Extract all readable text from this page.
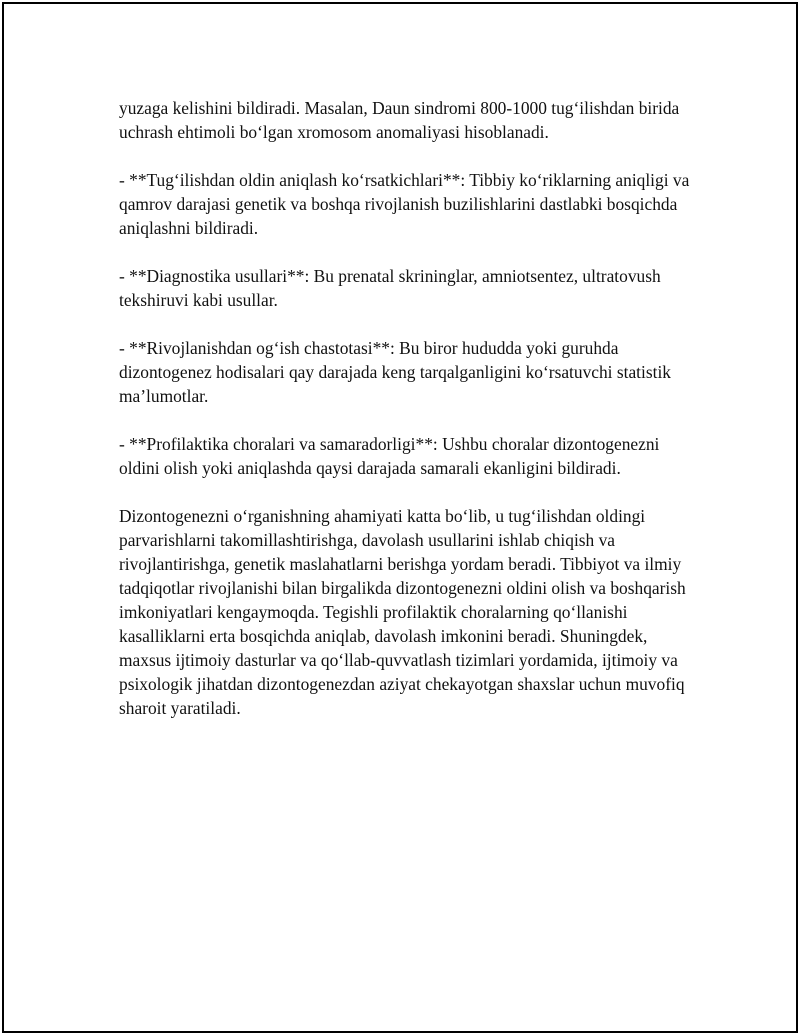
yuzaga kelishini bildiradi. Masalan, Daun sindromi 800-1000 tug‘ilishdan birida uchrash ehtimoli bo‘lgan xromosom anomaliyasi hisoblanadi.

- **Tug‘ilishdan oldin aniqlash ko‘rsatkichlari**: Tibbiy ko‘riklarning aniqligi va qamrov darajasi genetik va boshqa rivojlanish buzilishlarini dastlabki bosqichda aniqlashni bildiradi.

- **Diagnostika usullari**: Bu prenatal skrininglar, amniotsentez, ultratovush tekshiruvi kabi usullar.

- **Rivojlanishdan og‘ish chastotasi**: Bu biror hududda yoki guruhda dizontogenez hodisalari qay darajada keng tarqalganligini ko‘rsatuvchi statistik ma’lumotlar.

- **Profilaktika choralari va samaradorligi**: Ushbu choralar dizontogenezni oldini olish yoki aniqlashda qaysi darajada samarali ekanligini bildiradi.

Dizontogenezni o‘rganishning ahamiyati katta bo‘lib, u tug‘ilishdan oldingi parvarishlarni takomillashtirishga, davolash usullarini ishlab chiqish va rivojlantirishga, genetik maslahatlarni berishga yordam beradi. Tibbiyot va ilmiy tadqiqotlar rivojlanishi bilan birgalikda dizontogenezni oldini olish va boshqarish imkoniyatlari kengaymoqda. Tegishli profilaktik choralarning qo‘llanishi kasalliklarni erta bosqichda aniqlab, davolash imkonini beradi. Shuningdek, maxsus ijtimoiy dasturlar va qo‘llab-quvvatlash tizimlari yordamida, ijtimoiy va psixologik jihatdan dizontogenezdan aziyat chekayotgan shaxslar uchun muvofiq sharoit yaratiladi.
